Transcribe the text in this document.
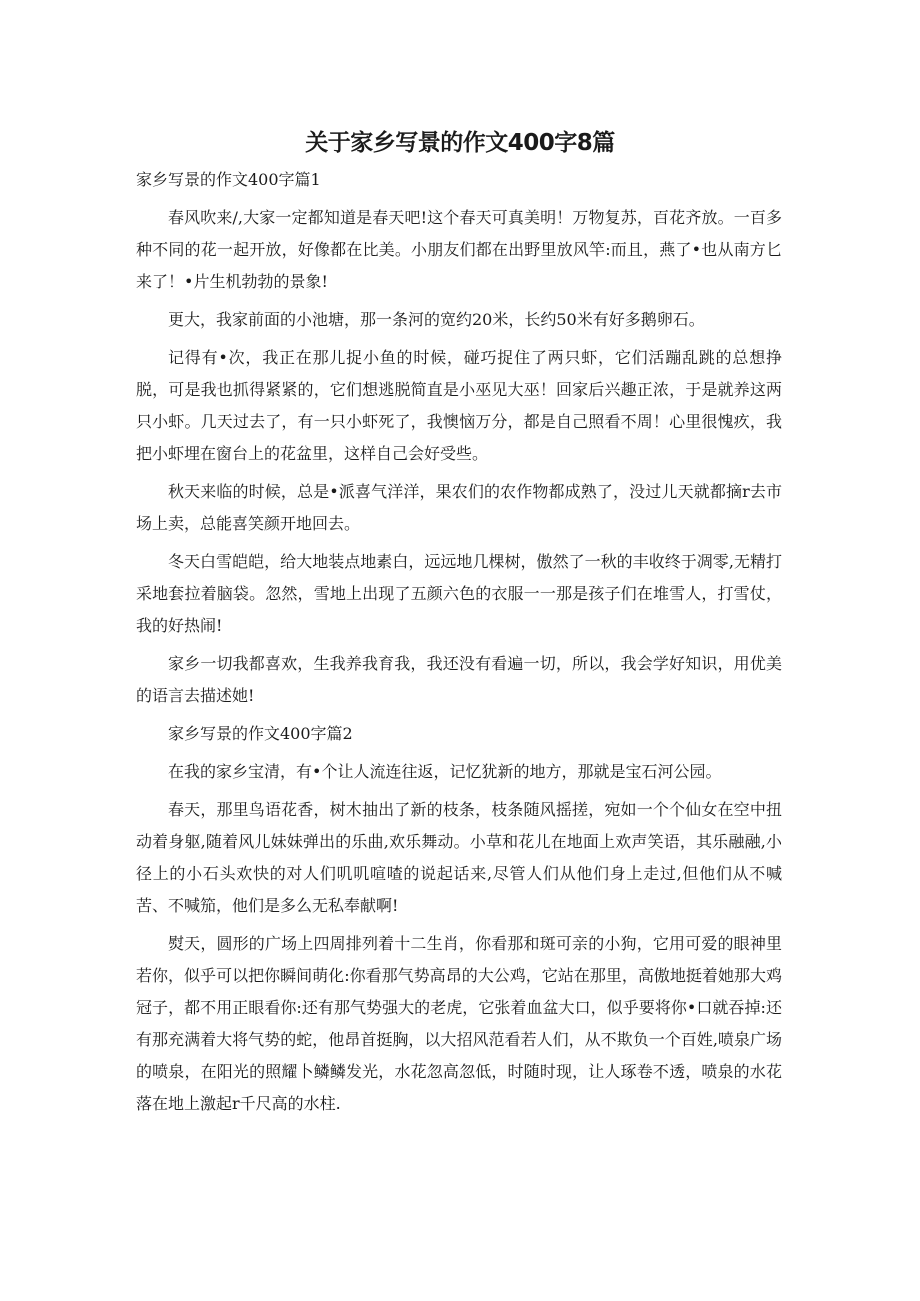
关于家乡写景的作文400字8篇

家乡写景的作文400字篇1

春风吹来/,大家一定都知道是春天吧!这个春天可真美明！万物复苏，百花齐放。一百多种不同的花一起开放，好像都在比美。小朋友们都在出野里放风竿:而且，燕了•也从南方匕来了！•片生机勃勃的景象!

更大，我家前面的小池塘，那一条河的宽约20米，长约50米有好多鹅卵石。

记得有•次，我正在那儿捉小鱼的时候，碰巧捉住了两只虾，它们活蹦乱跳的总想挣脱，可是我也抓得紧紧的，它们想逃脱简直是小巫见大巫！回家后兴趣正浓，于是就养这两只小虾。几天过去了，有一只小虾死了，我懊恼万分，都是自己照看不周！心里很愧疚，我把小虾埋在窗台上的花盆里，这样自己会好受些。

秋天来临的时候，总是•派喜气洋洋，果农们的农作物都成熟了，没过儿天就都摘r去市场上卖，总能喜笑颜开地回去。

冬天白雪皑皑，给大地装点地素白，远远地几棵树，傲然了一秋的丰收终于凋零,无精打采地套拉着脑袋。忽然，雪地上出现了五颜六色的衣服一一那是孩子们在堆雪人，打雪仗，我的好热闹!

家乡一切我都喜欢，生我养我育我，我还没有看遍一切，所以，我会学好知识，用优美的语言去描述她!

家乡写景的作文400字篇2

在我的家乡宝清，有•个让人流连往返，记忆犹新的地方，那就是宝石河公园。

春天，那里鸟语花香，树木抽出了新的枝条，枝条随风摇搓，宛如一个个仙女在空中扭动着身躯,随着风儿妹妹弹出的乐曲,欢乐舞动。小草和花儿在地面上欢声笑语，其乐融融,小径上的小石头欢快的对人们叽叽喧喳的说起话来,尽管人们从他们身上走过,但他们从不喊苦、不喊笳，他们是多么无私奉献啊!

熨天，圆形的广场上四周排列着十二生肖，你看那和斑可亲的小狗，它用可爱的眼神里若你，似乎可以把你瞬间萌化:你看那气势高昂的大公鸡，它站在那里，高傲地挺着她那大鸡冠子，都不用正眼看你:还有那气势强大的老虎，它张着血盆大口，似乎要将你•口就吞掉:还有那充满着大将气势的蛇，他昂首挺胸，以大招风范看若人们，从不欺负一个百姓,喷泉广场的喷泉，在阳光的照耀卜鳞鳞发光，水花忽高忽低，时随时现，让人琢卷不透，喷泉的水花落在地上激起r千尺高的水柱.
